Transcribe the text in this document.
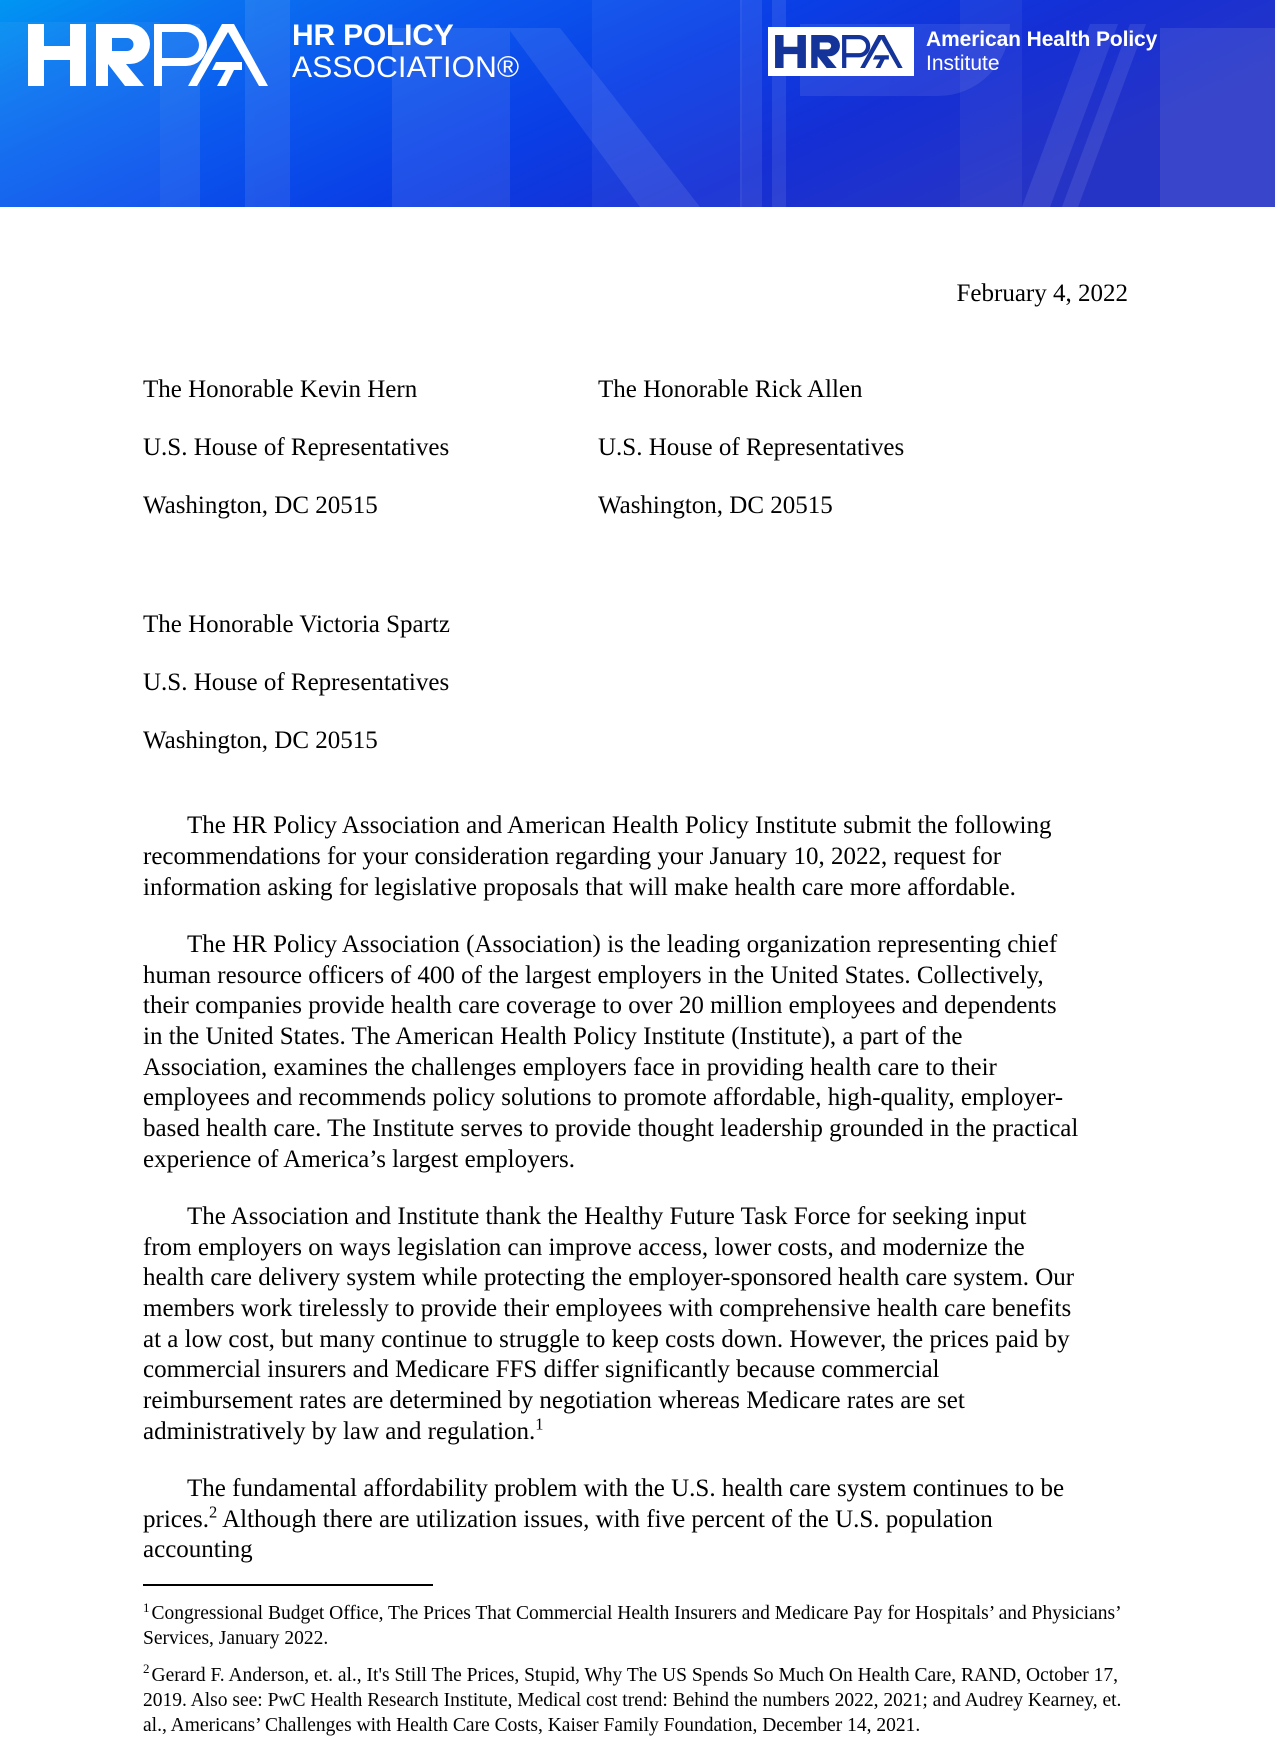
HR POLICY
ASSOCIATION®
American Health Policy
Institute
February 4, 2022

The Honorable Kevin Hern

U.S. House of Representatives

Washington, DC 20515

The Honorable Rick Allen

U.S. House of Representatives

Washington, DC 20515

The Honorable Victoria Spartz

U.S. House of Representatives

Washington, DC 20515

The HR Policy Association and American Health Policy Institute submit the following recommendations for your consideration regarding your January 10, 2022, request for information asking for legislative proposals that will make health care more affordable.

The HR Policy Association (Association) is the leading organization representing chief human resource officers of 400 of the largest employers in the United States. Collectively, their companies provide health care coverage to over 20 million employees and dependents in the United States. The American Health Policy Institute (Institute), a part of the Association, examines the challenges employers face in providing health care to their employees and recommends policy solutions to promote affordable, high-quality, employer-based health care. The Institute serves to provide thought leadership grounded in the practical experience of America’s largest employers.

The Association and Institute thank the Healthy Future Task Force for seeking input from employers on ways legislation can improve access, lower costs, and modernize the health care delivery system while protecting the employer-sponsored health care system. Our members work tirelessly to provide their employees with comprehensive health care benefits at a low cost, but many continue to struggle to keep costs down. However, the prices paid by commercial insurers and Medicare FFS differ significantly because commercial reimbursement rates are determined by negotiation whereas Medicare rates are set administratively by law and regulation.$^1$

The fundamental affordability problem with the U.S. health care system continues to be prices.$^2$ Although there are utilization issues, with five percent of the U.S. population accounting

$^1$ Congressional Budget Office, The Prices That Commercial Health Insurers and Medicare Pay for Hospitals’ and Physicians’ Services, January 2022.

$^2$ Gerard F. Anderson, et. al., It's Still The Prices, Stupid, Why The US Spends So Much On Health Care, RAND, October 17, 2019. Also see: PwC Health Research Institute, Medical cost trend: Behind the numbers 2022, 2021; and Audrey Kearney, et. al., Americans’ Challenges with Health Care Costs, Kaiser Family Foundation, December 14, 2021.
